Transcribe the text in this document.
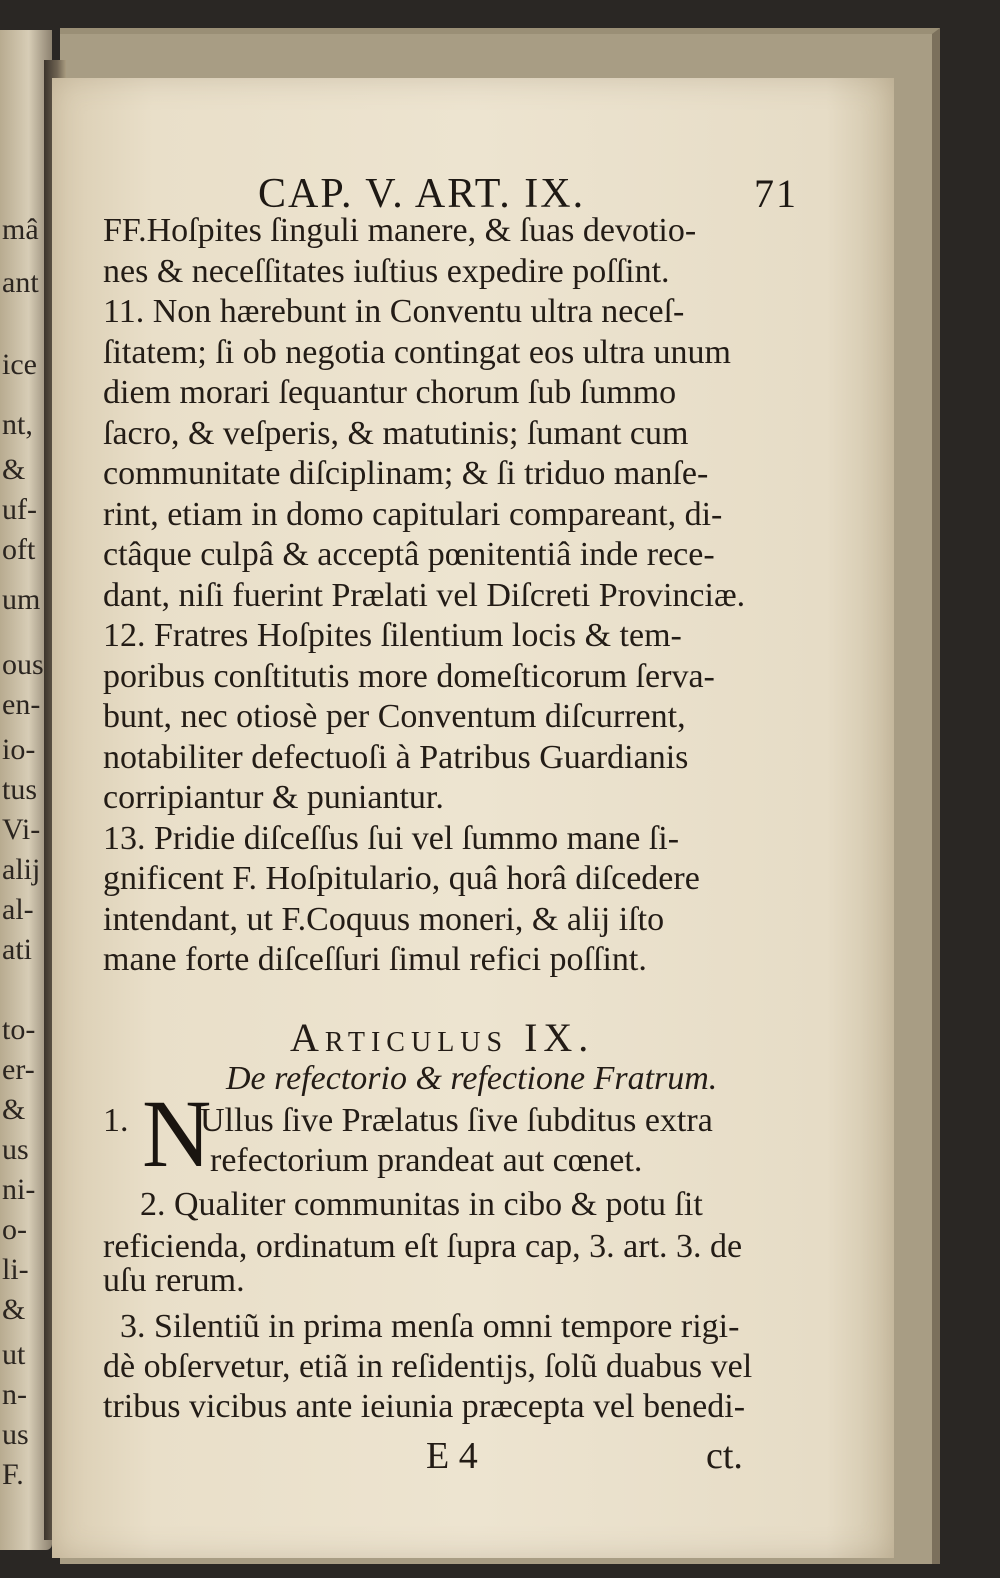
mâ
ant
ice
nt,
&
uf-
oft
um
ous
en-
io-
tus
Vi-
alij
al-
ati
to-
er-
&
us
ni-
o-
li-
&
ut
n-
us
F.
CAP. V. ART. IX.	71
FF.Hoſpites ſinguli manere, & ſuas devotio-
nes & neceſſitates iuſtius expedire poſſint.
11. Non hærebunt in Conventu ultra neceſ-
ſitatem; ſi ob negotia contingat eos ultra unum
diem morari ſequantur chorum ſub ſummo
ſacro, & veſperis, & matutinis; ſumant cum
communitate diſciplinam; & ſi triduo manſe-
rint, etiam in domo capitulari compareant, di-
ctâque culpâ & acceptâ pœnitentiâ inde rece-
dant, niſi fuerint Prælati vel Diſcreti Provinciæ.
12. Fratres Hoſpites ſilentium locis & tem-
poribus conſtitutis more domeſticorum ſerva-
bunt, nec otiosè per Conventum diſcurrent,
notabiliter defectuoſi à Patribus Guardianis
corripiantur & puniantur.
13. Pridie diſceſſus ſui vel ſummo mane ſi-
gnificent F. Hoſpitulario, quâ horâ diſcedere
intendant, ut F.Coquus moneri, & alij iſto
mane forte diſceſſuri ſimul refici poſſint.
Articulus IX.
De refectorio & refectione Fratrum.
1. N
Ullus ſive Prælatus ſive ſubditus extra
refectorium prandeat aut cœnet.
2. Qualiter communitas in cibo & potu ſit
reficienda, ordinatum eſt ſupra cap, 3. art. 3. de
uſu rerum.
3. Silentiũ in prima menſa omni tempore rigi-
dè obſervetur, etiã in reſidentijs, ſolũ duabus vel
tribus vicibus ante ieiunia præcepta vel benedi-
E 4	ct.
